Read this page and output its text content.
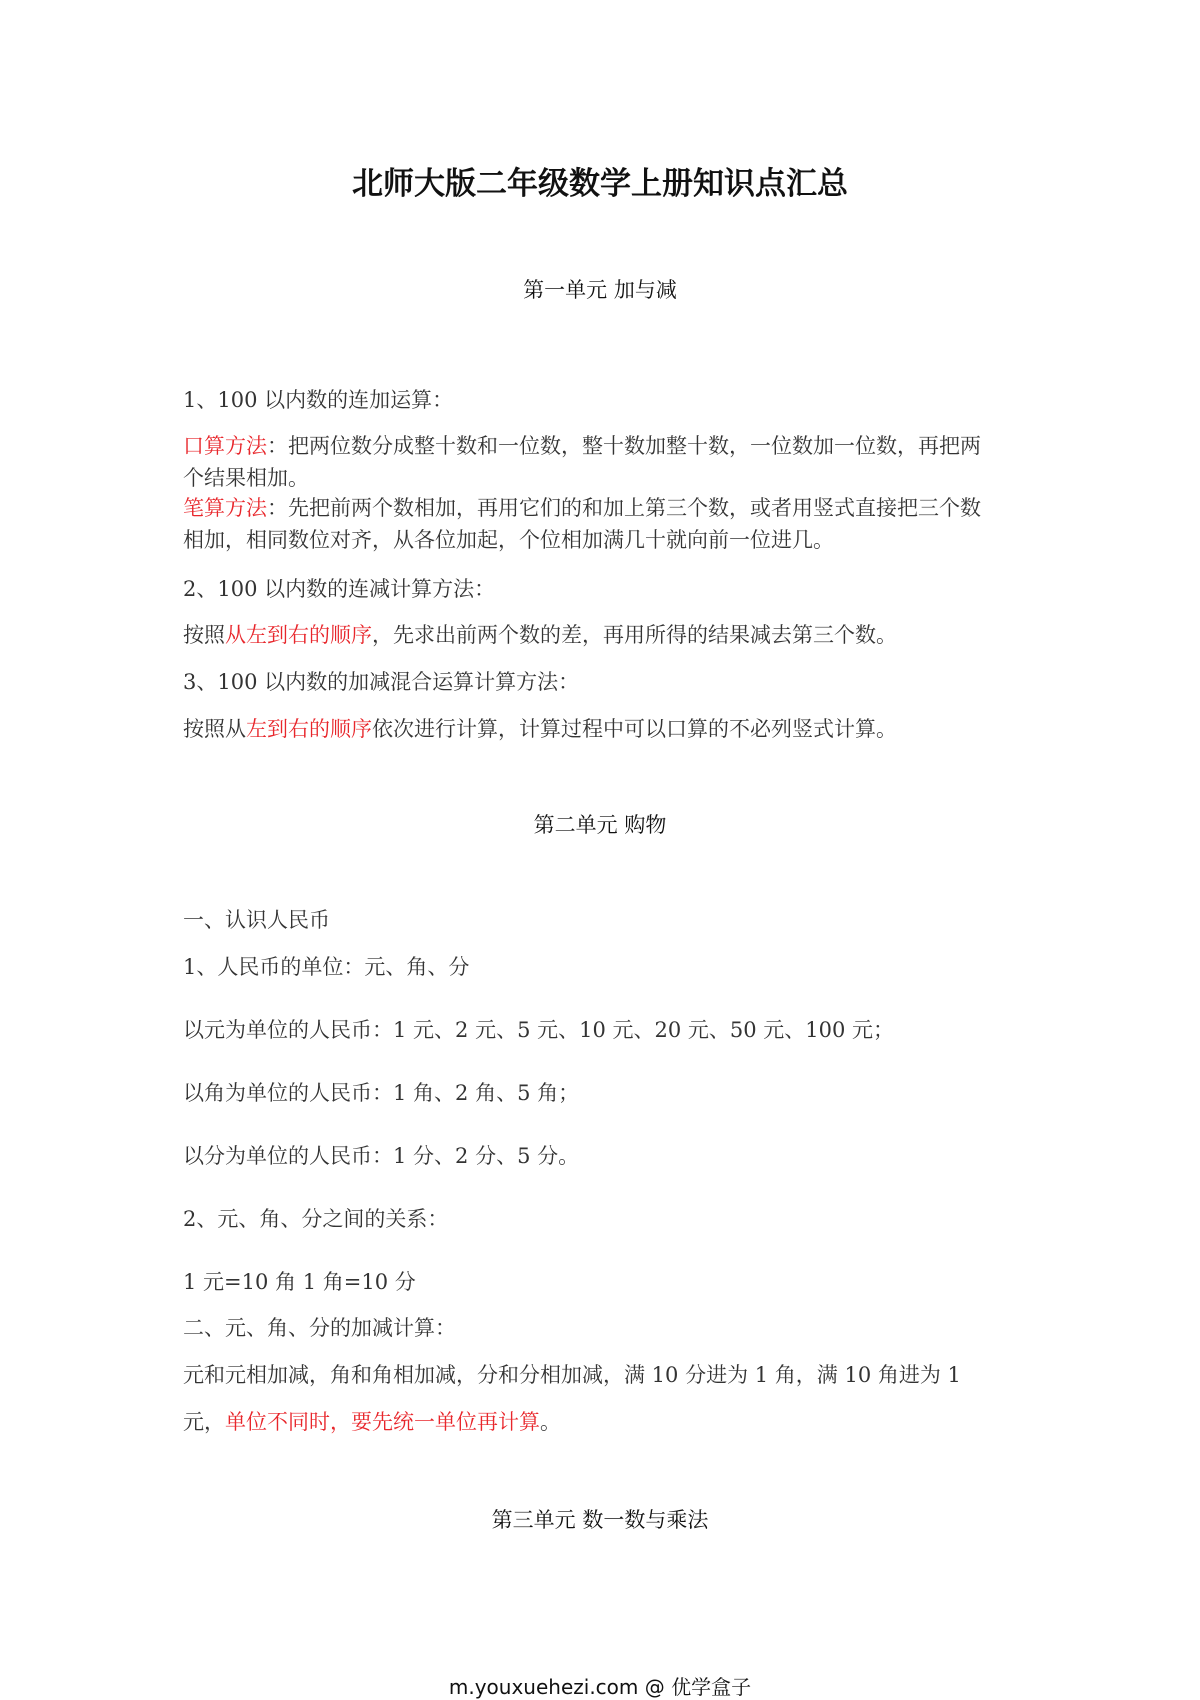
北师大版二年级数学上册知识点汇总
第一单元 加与减
1、100 以内数的连加运算：
口算方法：把两位数分成整十数和一位数，整十数加整十数，一位数加一位数，再把两
个结果相加。
笔算方法：先把前两个数相加，再用它们的和加上第三个数，或者用竖式直接把三个数
相加，相同数位对齐，从各位加起，个位相加满几十就向前一位进几。
2、100 以内数的连减计算方法：
按照从左到右的顺序，先求出前两个数的差，再用所得的结果减去第三个数。
3、100 以内数的加减混合运算计算方法：
按照从左到右的顺序依次进行计算，计算过程中可以口算的不必列竖式计算。
第二单元 购物
一、认识人民币
1、人民币的单位：元、角、分
以元为单位的人民币：1 元、2 元、5 元、10 元、20 元、50 元、100 元；
以角为单位的人民币：1 角、2 角、5 角；
以分为单位的人民币：1 分、2 分、5 分。
2、元、角、分之间的关系：
1 元=10 角 1 角=10 分
二、元、角、分的加减计算：
元和元相加减，角和角相加减，分和分相加减，满 10 分进为 1 角，满 10 角进为 1
元，单位不同时，要先统一单位再计算。
第三单元 数一数与乘法
m.youxuehezi.com @ 优学盒子
